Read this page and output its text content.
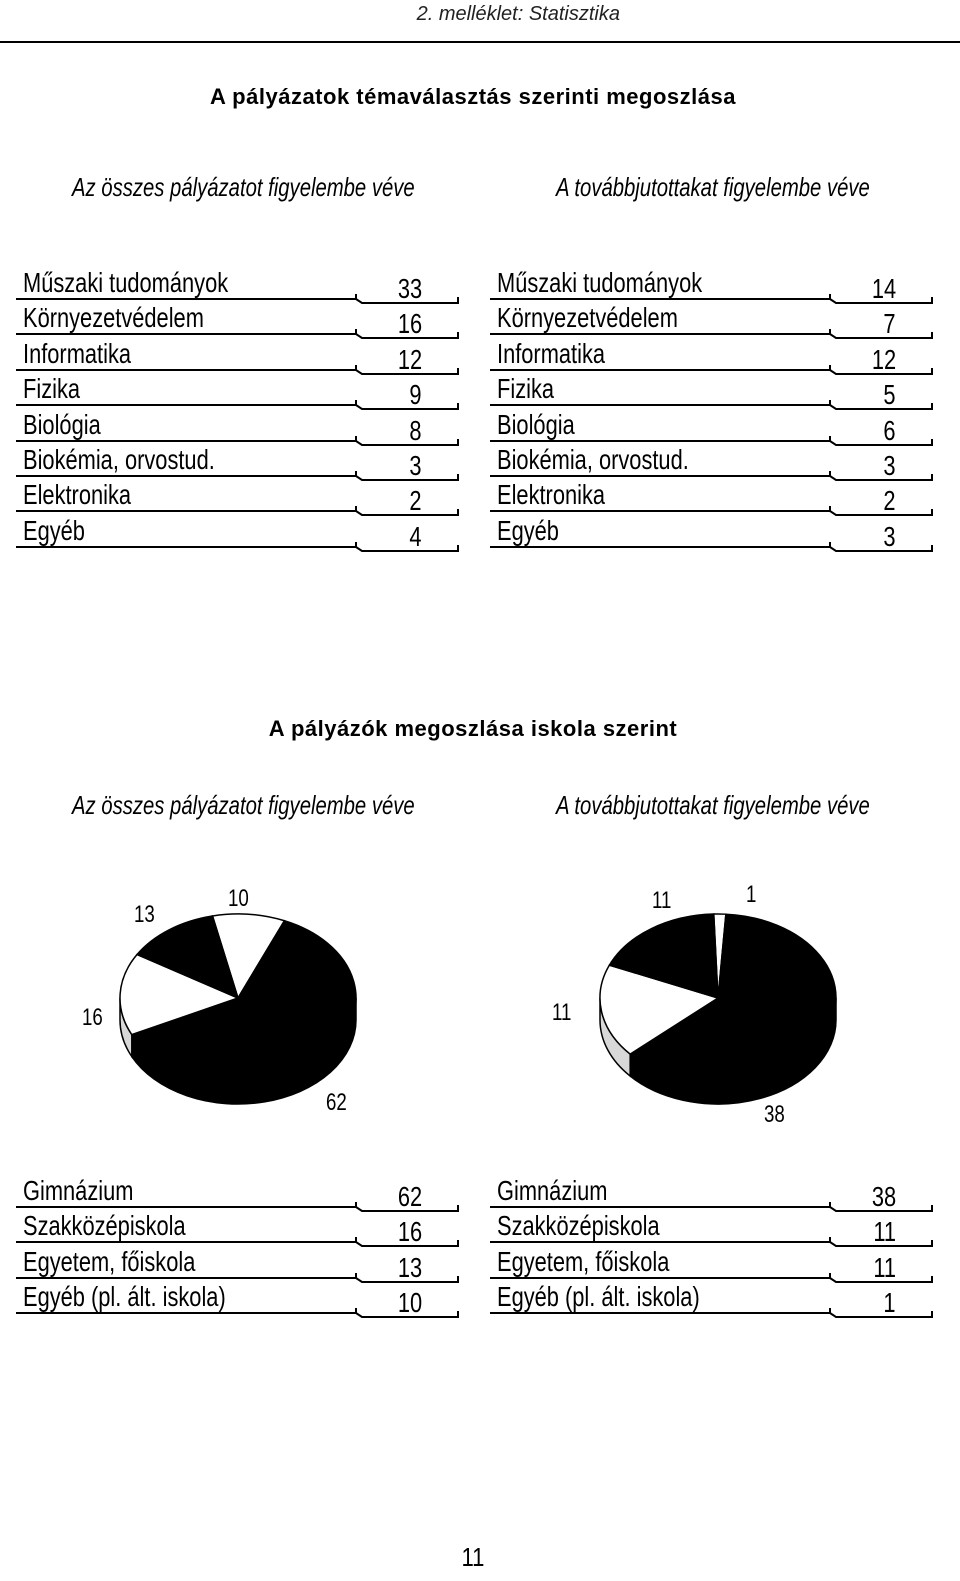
2. melléklet: Statisztika
A pályázatok témaválasztás szerinti megoszlása
Az összes pályázatot figyelembe véve	A továbbjutottakat figyelembe véve
Műszaki tudományok	33
Környezetvédelem	16
Informatika	12
Fizika	9
Biológia	8
Biokémia, orvostud.	3
Elektronika	2
Egyéb	4
Műszaki tudományok	14
Környezetvédelem	7
Informatika	12
Fizika	5
Biológia	6
Biokémia, orvostud.	3
Elektronika	2
Egyéb	3
A pályázók megoszlása iskola szerint
Az összes pályázatot figyelembe véve	A továbbjutottakat figyelembe véve
62
16
13
10
38
11
11	1
Gimnázium	62
Szakközépiskola	16
Egyetem, főiskola	13
Egyéb (pl. ált. iskola)	10
Gimnázium	38
Szakközépiskola	11
Egyetem, főiskola	11
Egyéb (pl. ált. iskola)	1
11
